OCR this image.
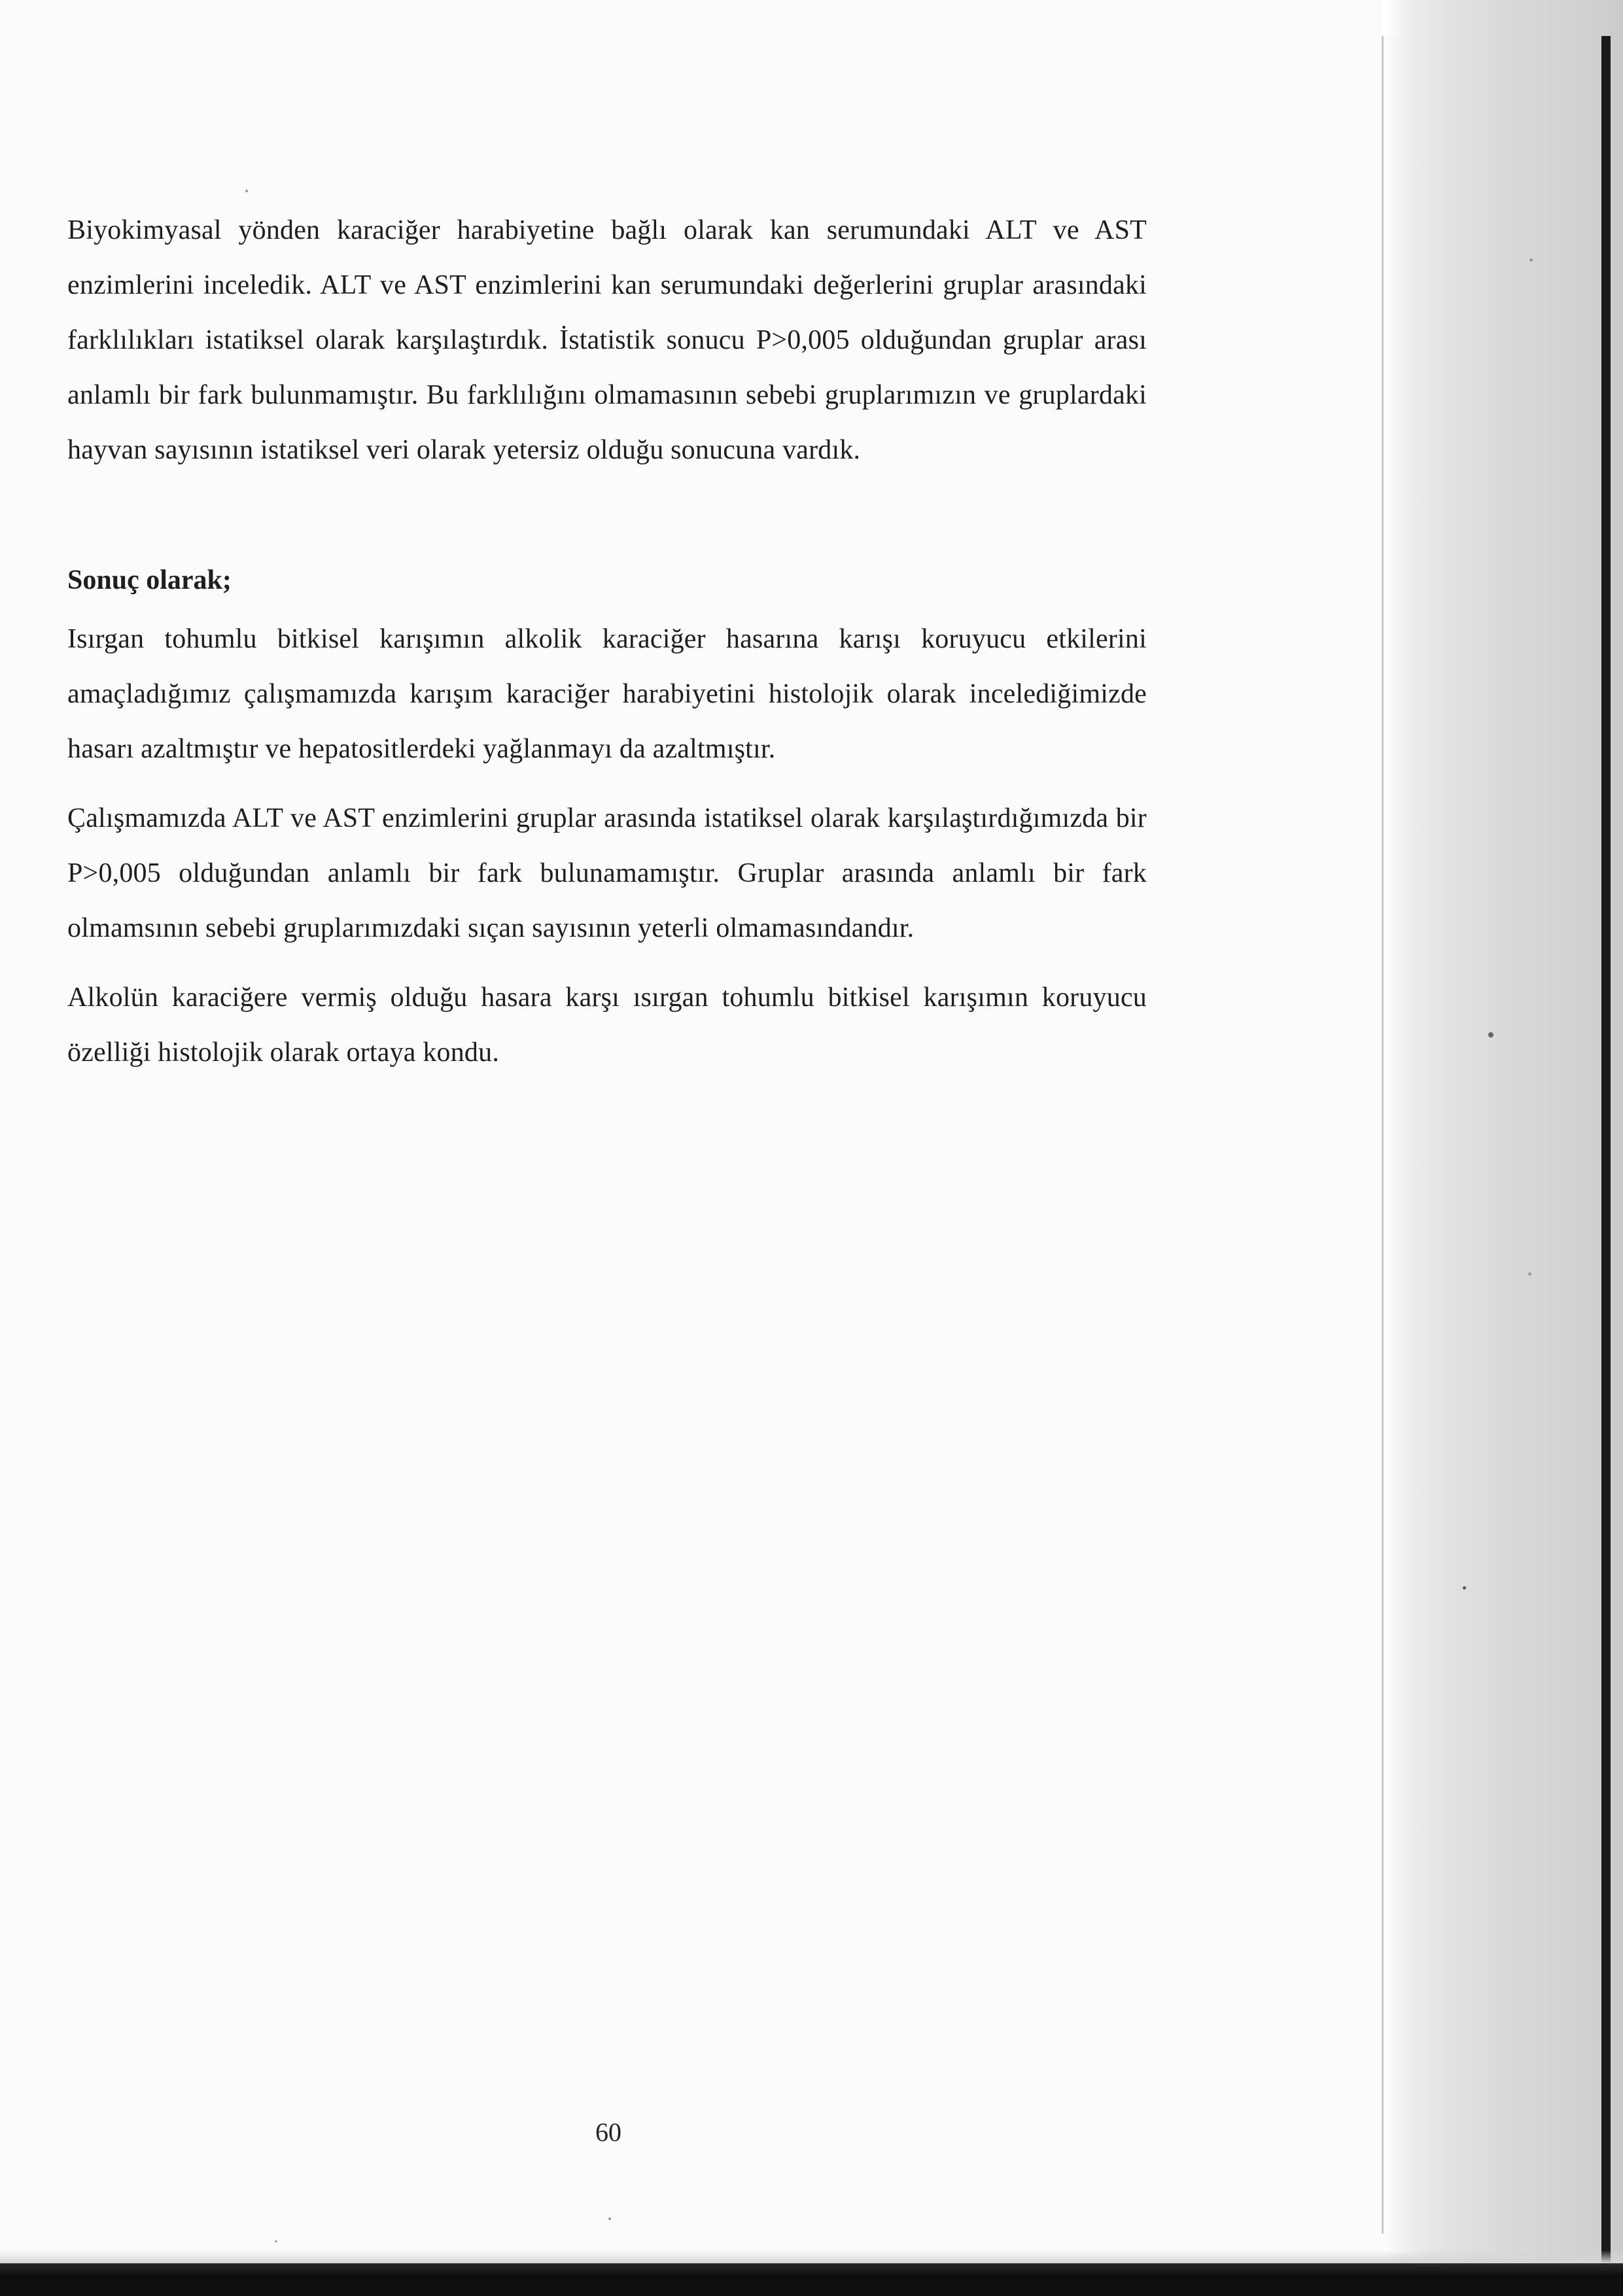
Biyokimyasal yönden karaciğer harabiyetine bağlı olarak kan serumundaki ALT ve AST enzimlerini inceledik. ALT ve AST enzimlerini kan serumundaki değerlerini gruplar arasındaki farklılıkları istatiksel olarak karşılaştırdık. İstatistik sonucu P>0,005 olduğundan gruplar arası anlamlı bir fark bulunmamıştır. Bu farklılığını olmamasının sebebi gruplarımızın ve gruplardaki hayvan sayısının istatiksel veri olarak yetersiz olduğu sonucuna vardık.

Sonuç olarak;

Isırgan tohumlu bitkisel karışımın alkolik karaciğer hasarına karışı koruyucu etkilerini amaçladığımız çalışmamızda karışım karaciğer harabiyetini histolojik olarak incelediğimizde hasarı azaltmıştır ve hepatositlerdeki yağlanmayı da azaltmıştır.

Çalışmamızda ALT ve AST enzimlerini gruplar arasında istatiksel olarak karşılaştırdığımızda bir P>0,005 olduğundan anlamlı bir fark bulunamamıştır. Gruplar arasında anlamlı bir fark olmamsının sebebi gruplarımızdaki sıçan sayısının yeterli olmamasındandır.

Alkolün karaciğere vermiş olduğu hasara karşı ısırgan tohumlu bitkisel karışımın koruyucu özelliği histolojik olarak ortaya kondu.

60
